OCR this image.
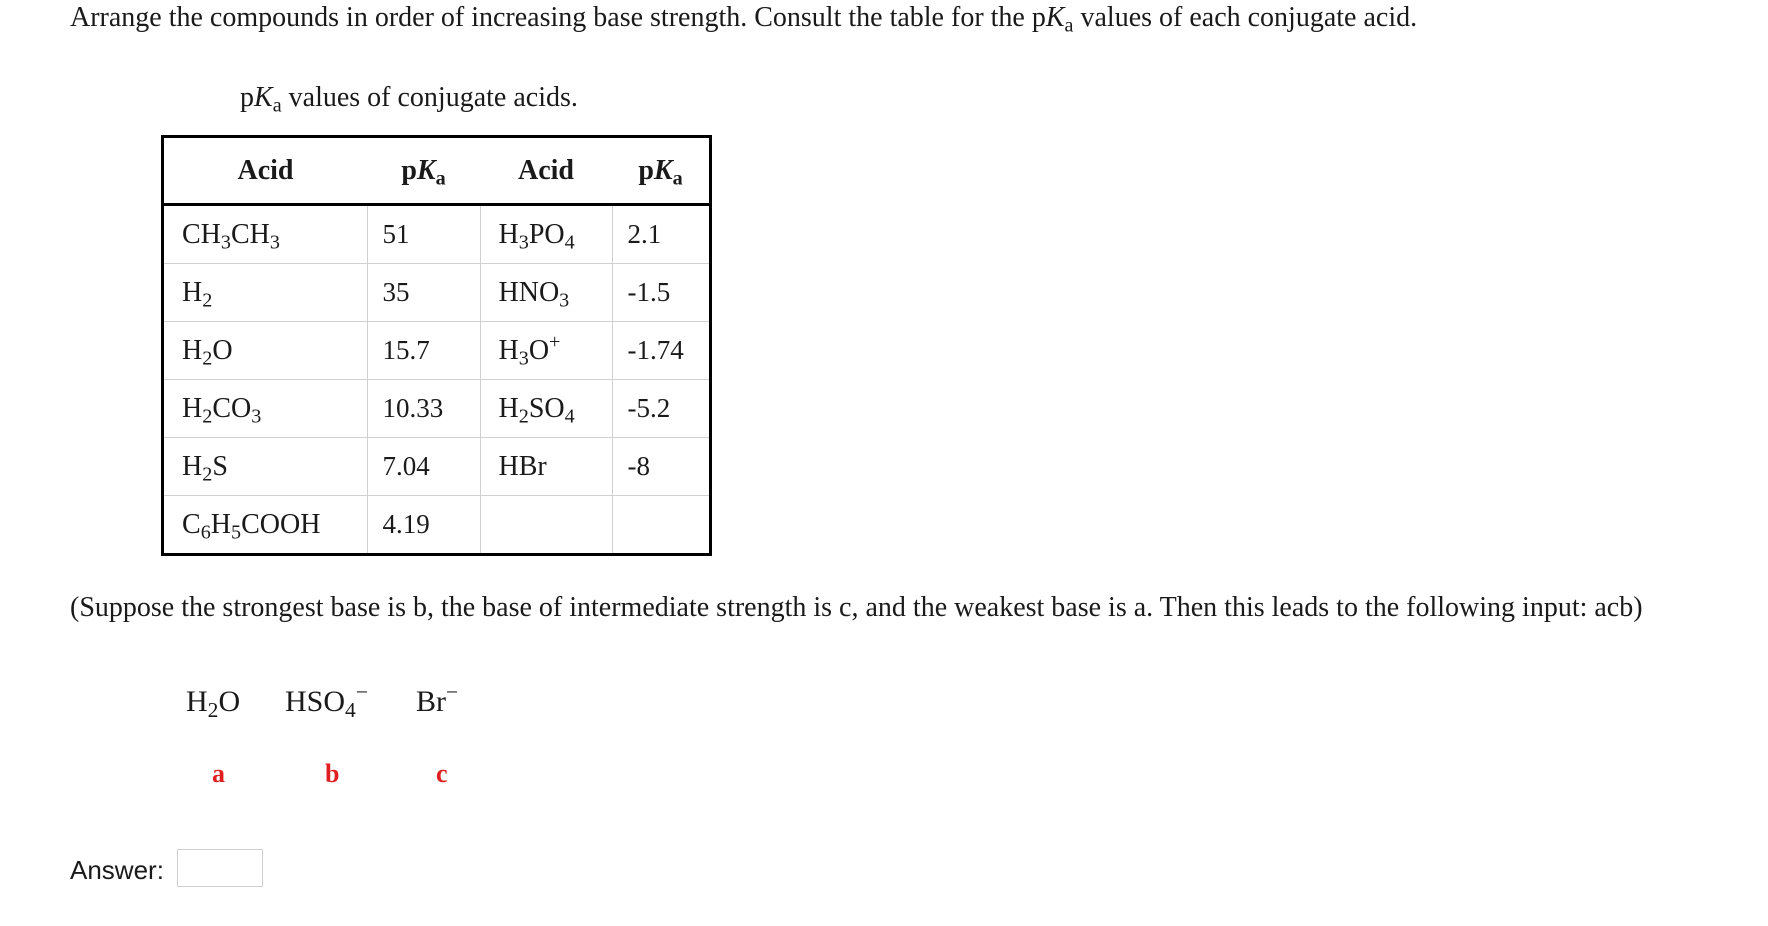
Arrange the compounds in order of increasing base strength. Consult the table for the $pK_a$ values of each conjugate acid.
$pK_a$ values of conjugate acids.
Acid	$pK_a$	Acid	$pK_a$
$CH_3CH_3$	51	$H_3PO_4$	2.1
$H_2$	35	$HNO_3$	-1.5
$H_2O$	15.7	$H_3O^+$	-1.74
$H_2CO_3$	10.33	$H_2SO_4$	-5.2
$H_2S$	7.04	HBr	-8
$C_6H_5COOH$	4.19		
(Suppose the strongest base is b, the base of intermediate strength is c, and the weakest base is a. Then this leads to the following input: acb)
$H_2O$ $HSO_4^-$ Br−
a	b	c
Answer:
